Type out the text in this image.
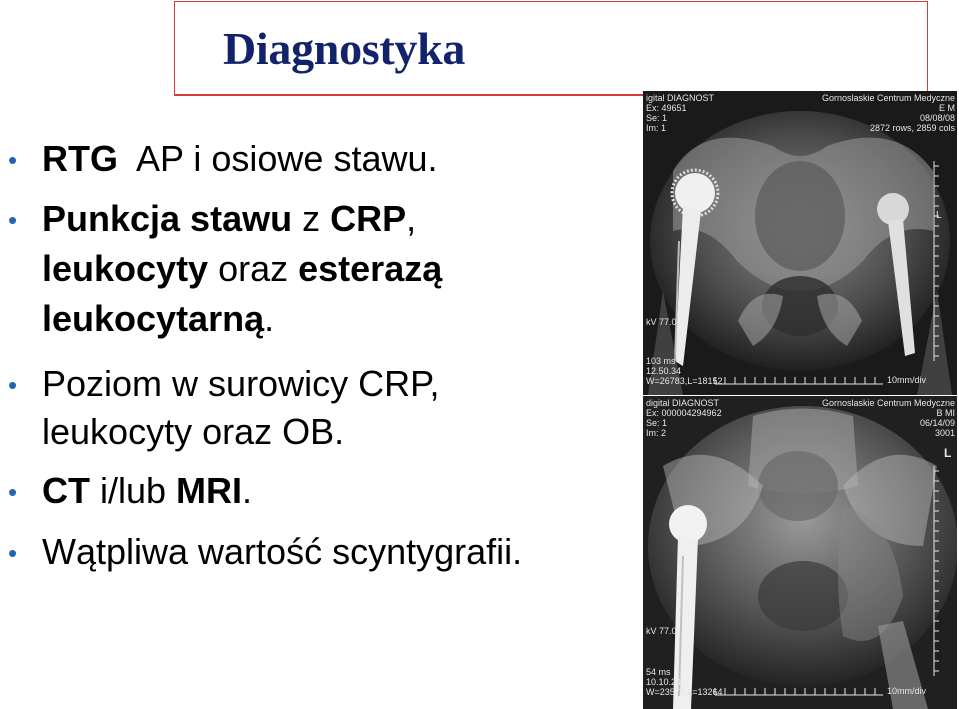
Diagnostyka
•
RTG  AP i osiowe stawu.
•
Punkcja stawu z CRP,
leukocyty oraz esterazą
leukocytarną.
•
Poziom w surowicy CRP,
leukocyty oraz OB.
•
CT i/lub MRI.
•
Wątpliwa wartość scyntygrafii.
igital DIAGNOST
Ex: 49651
Se: 1
Im: 1
Gornoslaskie Centrum Medyczne
E M
08/08/08
2872 rows, 2859 cols
kV 77.0
103 ms
12.50.34
W=26783,L=18152	10mm/div
L
digital DIAGNOST
Ex: 000004294962
Se: 1
Im: 2
Gornoslaskie Centrum Medyczne
B MI
06/14/09
3001
kV 77.0
54 ms
10.10.24
W=23574,L=13264	10mm/div
L
